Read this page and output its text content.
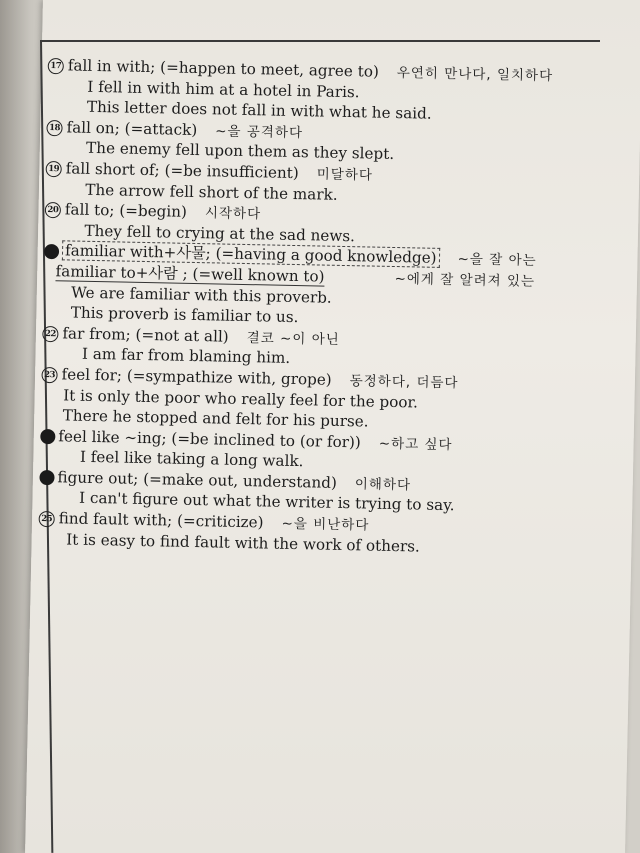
17 fall in with; (=happen to meet, agree to) 우연히 만나다, 일치하다
I fell in with him at a hotel in Paris.
This letter does not fall in with what he said.
18 fall on; (=attack) ~을 공격하다
The enemy fell upon them as they slept.
19 fall short of; (=be insufficient) 미달하다
The arrow fell short of the mark.
20 fall to; (=begin) 시작하다
They fell to crying at the sad news.
familiar with+사물; (=having a good knowledge) ~을 잘 아는
familiar to+사람 ; (=well known to)	~에게 잘 알려져 있는
We are familiar with this proverb.
This proverb is familiar to us.
22 far from; (=not at all) 결코 ~이 아닌
I am far from blaming him.
23 feel for; (=sympathize with, grope) 동정하다, 더듬다
It is only the poor who really feel for the poor.
There he stopped and felt for his purse.
feel like ~ing; (=be inclined to (or for)) ~하고 싶다
I feel like taking a long walk.
figure out; (=make out, understand) 이해하다
I can't figure out what the writer is trying to say.
25 find fault with; (=criticize) ~을 비난하다
It is easy to find fault with the work of others.
